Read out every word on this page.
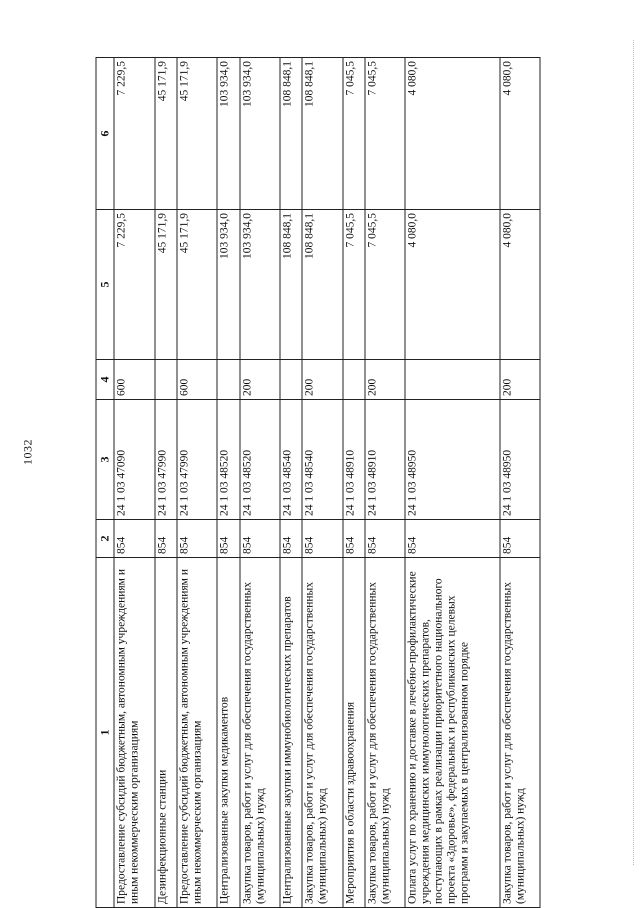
1032
1	2	3	4	5	6
Предоставление субсидий бюджетным, автономным учреждениям и иным некоммерческим организациям	854	24 1 03 47090	600	7 229,5	7 229,5
Дезинфекционные станции	854	24 1 03 47990		45 171,9	45 171,9
Предоставление субсидий бюджетным, автономным учреждениям и иным некоммерческим организациям	854	24 1 03 47990	600	45 171,9	45 171,9
Централизованные закупки медикаментов	854	24 1 03 48520		103 934,0	103 934,0
Закупка товаров, работ и услуг для обеспечения государственных (муниципальных) нужд	854	24 1 03 48520	200	103 934,0	103 934,0
Централизованные закупки иммунобиологических препаратов	854	24 1 03 48540		108 848,1	108 848,1
Закупка товаров, работ и услуг для обеспечения государственных (муниципальных) нужд	854	24 1 03 48540	200	108 848,1	108 848,1
Мероприятия в области здравоохранения	854	24 1 03 48910		7 045,5	7 045,5
Закупка товаров, работ и услуг для обеспечения государственных (муниципальных) нужд	854	24 1 03 48910	200	7 045,5	7 045,5
Оплата услуг по хранению и доставке в лечебно-профилактические учреждения медицинских иммунологических препаратов, поступающих в рамках реализации приоритетного национального проекта «Здоровье», федеральных и республиканских целевых программ и закупаемых в централизованном порядке	854	24 1 03 48950		4 080,0	4 080,0
Закупка товаров, работ и услуг для обеспечения государственных (муниципальных) нужд	854	24 1 03 48950	200	4 080,0	4 080,0
